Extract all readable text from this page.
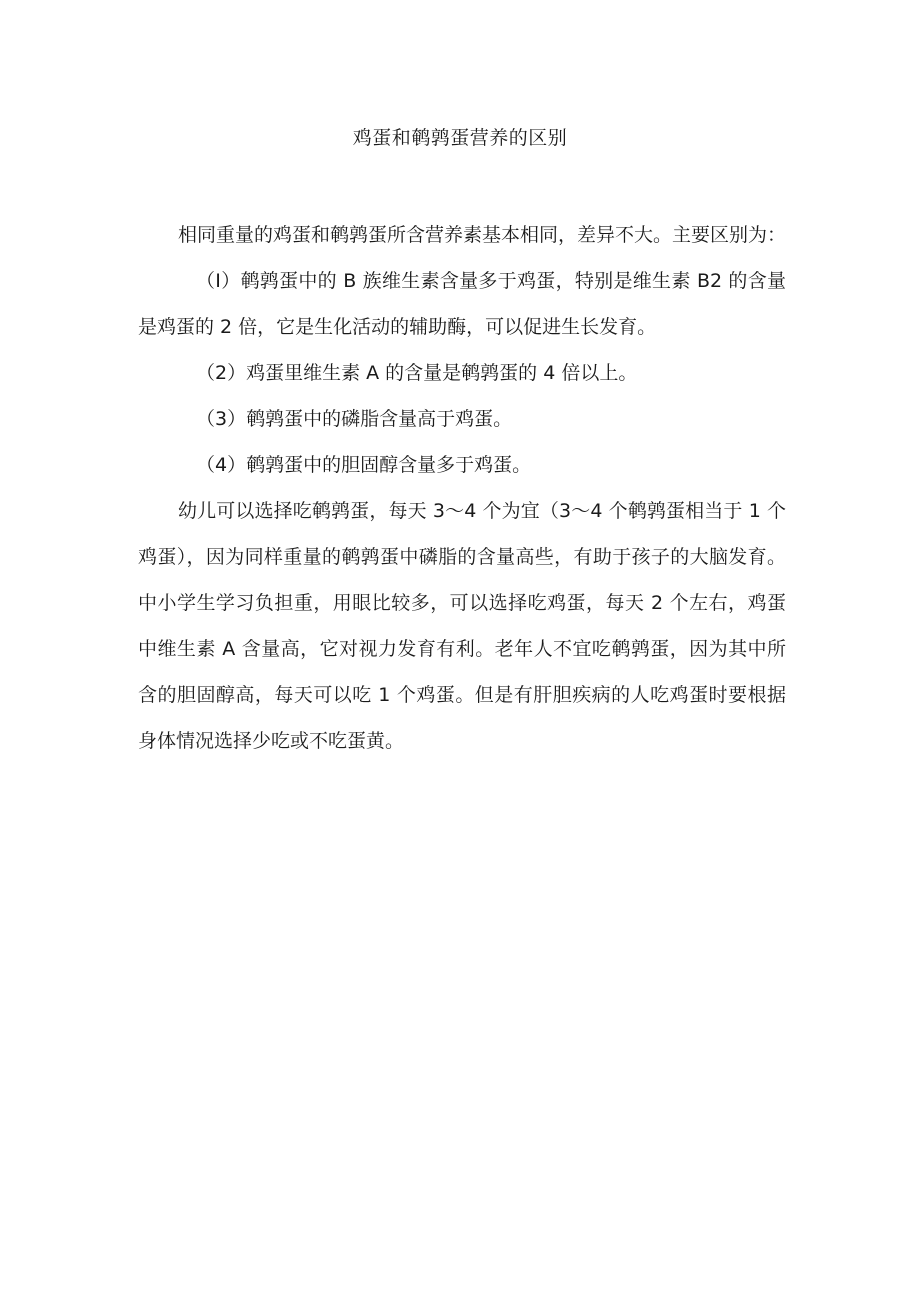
鸡蛋和鹌鹑蛋营养的区别

相同重量的鸡蛋和鹌鹑蛋所含营养素基本相同，差异不大。主要区别为：

（I）鹌鹑蛋中的 B 族维生素含量多于鸡蛋，特别是维生素 B2 的含量是鸡蛋的 2 倍，它是生化活动的辅助酶，可以促进生长发育。

（2）鸡蛋里维生素 A 的含量是鹌鹑蛋的 4 倍以上。

（3）鹌鹑蛋中的磷脂含量高于鸡蛋。

（4）鹌鹑蛋中的胆固醇含量多于鸡蛋。

幼儿可以选择吃鹌鹑蛋，每天 3～4 个为宜（3～4 个鹌鹑蛋相当于 1 个鸡蛋），因为同样重量的鹌鹑蛋中磷脂的含量高些，有助于孩子的大脑发育。中小学生学习负担重，用眼比较多，可以选择吃鸡蛋，每天 2 个左右，鸡蛋中维生素 A 含量高，它对视力发育有利。老年人不宜吃鹌鹑蛋，因为其中所含的胆固醇高，每天可以吃 1 个鸡蛋。但是有肝胆疾病的人吃鸡蛋时要根据身体情况选择少吃或不吃蛋黄。
